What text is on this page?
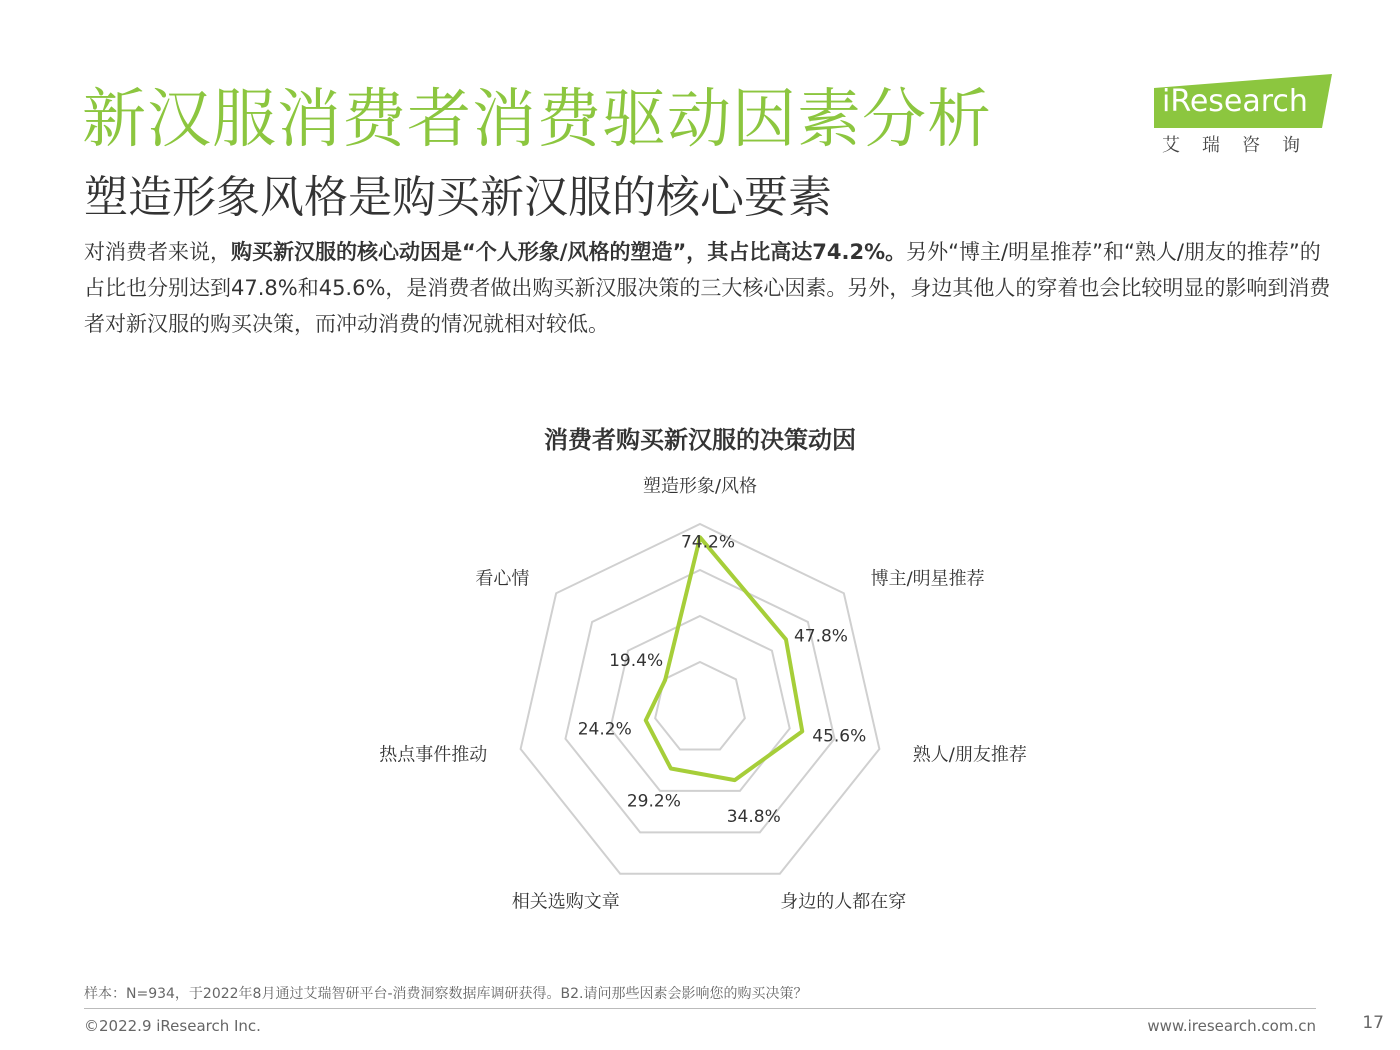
新汉服消费者消费驱动因素分析
塑造形象风格是购买新汉服的核心要素
iResearch
艾瑞咨询

对消费者来说，购买新汉服的核心动因是“个人形象/风格的塑造”，其占比高达74.2%。另外“博主/明星推荐”和“熟人/朋友的推荐”的占比也分别达到47.8%和45.6%，是消费者做出购买新汉服决策的三大核心因素。另外，身边其他人的穿着也会比较明显的影响到消费者对新汉服的购买决策，而冲动消费的情况就相对较低。

消费者购买新汉服的决策动因
塑造形象/风格
博主/明星推荐
熟人/朋友推荐
身边的人都在穿
相关选购文章
热点事件推动
看心情
74.2%
47.8%
45.6%
34.8%
29.2%
24.2%
19.4%
样本：N=934，于2022年8月通过艾瑞智研平台-消费洞察数据库调研获得。B2.请问那些因素会影响您的购买决策？
©2022.9 iResearch Inc.	www.iresearch.com.cn	17
